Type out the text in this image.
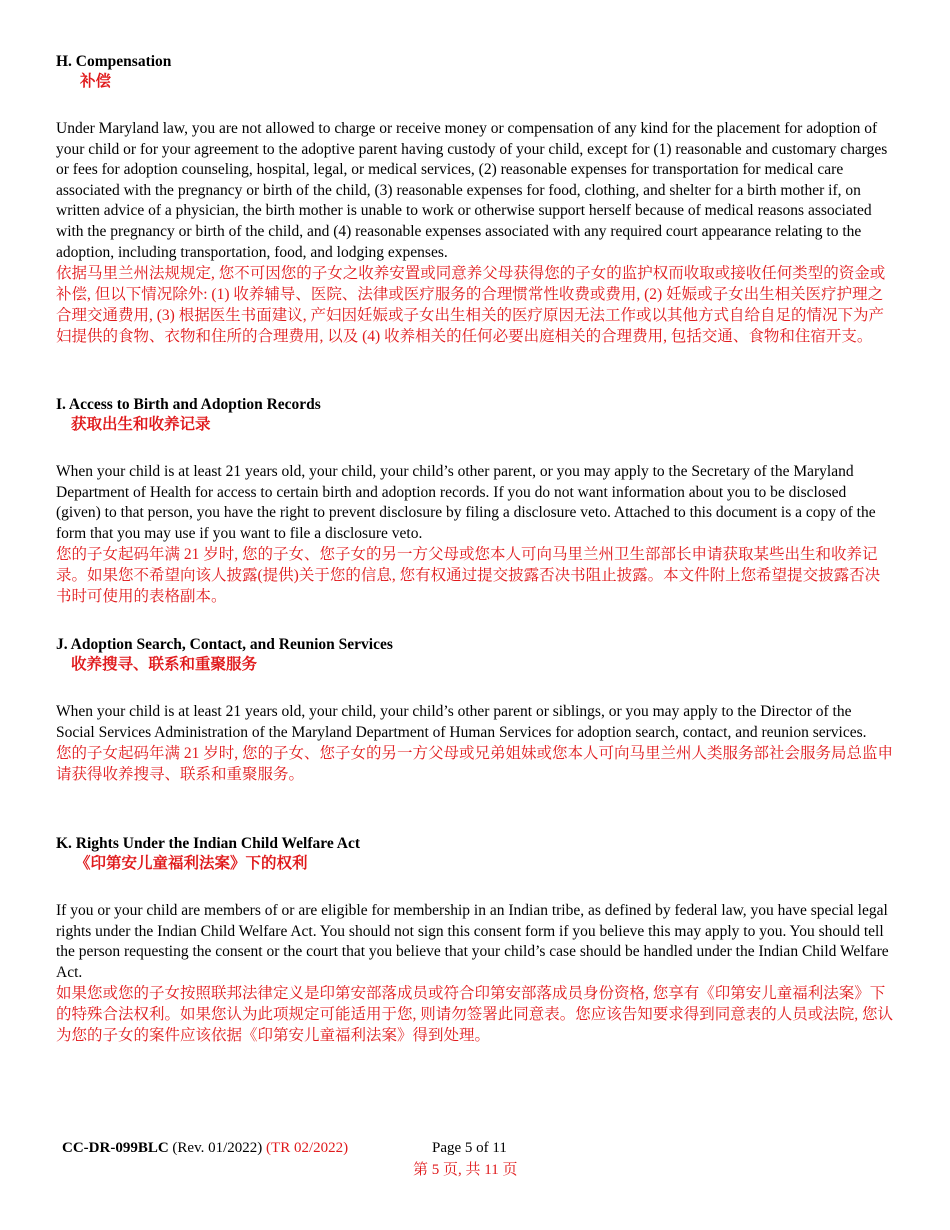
H. Compensation

补偿

Under Maryland law, you are not allowed to charge or receive money or compensation of any kind for the placement for adoption of your child or for your agreement to the adoptive parent having custody of your child, except for (1) reasonable and customary charges or fees for adoption counseling, hospital, legal, or medical services, (2) reasonable expenses for transportation for medical care associated with the pregnancy or birth of the child, (3) reasonable expenses for food, clothing, and shelter for a birth mother if, on written advice of a physician, the birth mother is unable to work or otherwise support herself because of medical reasons associated with the pregnancy or birth of the child, and (4) reasonable expenses associated with any required court appearance relating to the adoption, including transportation, food, and lodging expenses.

依据马里兰州法规规定, 您不可因您的子女之收养安置或同意养父母获得您的子女的监护权而收取或接收任何类型的资金或补偿, 但以下情况除外: (1) 收养辅导、医院、法律或医疗服务的合理惯常性收费或费用, (2) 妊娠或子女出生相关医疗护理之合理交通费用, (3) 根据医生书面建议, 产妇因妊娠或子女出生相关的医疗原因无法工作或以其他方式自给自足的情况下为产妇提供的食物、衣物和住所的合理费用, 以及 (4) 收养相关的任何必要出庭相关的合理费用, 包括交通、食物和住宿开支。

I. Access to Birth and Adoption Records

获取出生和收养记录

When your child is at least 21 years old, your child, your child’s other parent, or you may apply to the Secretary of the Maryland Department of Health for access to certain birth and adoption records. If you do not want information about you to be disclosed (given) to that person, you have the right to prevent disclosure by filing a disclosure veto. Attached to this document is a copy of the form that you may use if you want to file a disclosure veto.

您的子女起码年满 21 岁时, 您的子女、您子女的另一方父母或您本人可向马里兰州卫生部部长申请获取某些出生和收养记录。如果您不希望向该人披露(提供)关于您的信息, 您有权通过提交披露否决书阻止披露。本文件附上您希望提交披露否决书时可使用的表格副本。

J. Adoption Search, Contact, and Reunion Services

收养搜寻、联系和重聚服务

When your child is at least 21 years old, your child, your child’s other parent or siblings, or you may apply to the Director of the Social Services Administration of the Maryland Department of Human Services for adoption search, contact, and reunion services.

您的子女起码年满 21 岁时, 您的子女、您子女的另一方父母或兄弟姐妹或您本人可向马里兰州人类服务部社会服务局总监申请获得收养搜寻、联系和重聚服务。

K. Rights Under the Indian Child Welfare Act

《印第安儿童福利法案》下的权利

If you or your child are members of or are eligible for membership in an Indian tribe, as defined by federal law, you have special legal rights under the Indian Child Welfare Act. You should not sign this consent form if you believe this may apply to you. You should tell the person requesting the consent or the court that you believe that your child’s case should be handled under the Indian Child Welfare Act.

如果您或您的子女按照联邦法律定义是印第安部落成员或符合印第安部落成员身份资格, 您享有《印第安儿童福利法案》下的特殊合法权利。如果您认为此项规定可能适用于您, 则请勿签署此同意表。您应该告知要求得到同意表的人员或法院, 您认为您的子女的案件应该依据《印第安儿童福利法案》得到处理。

CC-DR-099BLC (Rev. 01/2022) (TR 02/2022)	Page 5 of 11
第 5 页, 共 11 页
